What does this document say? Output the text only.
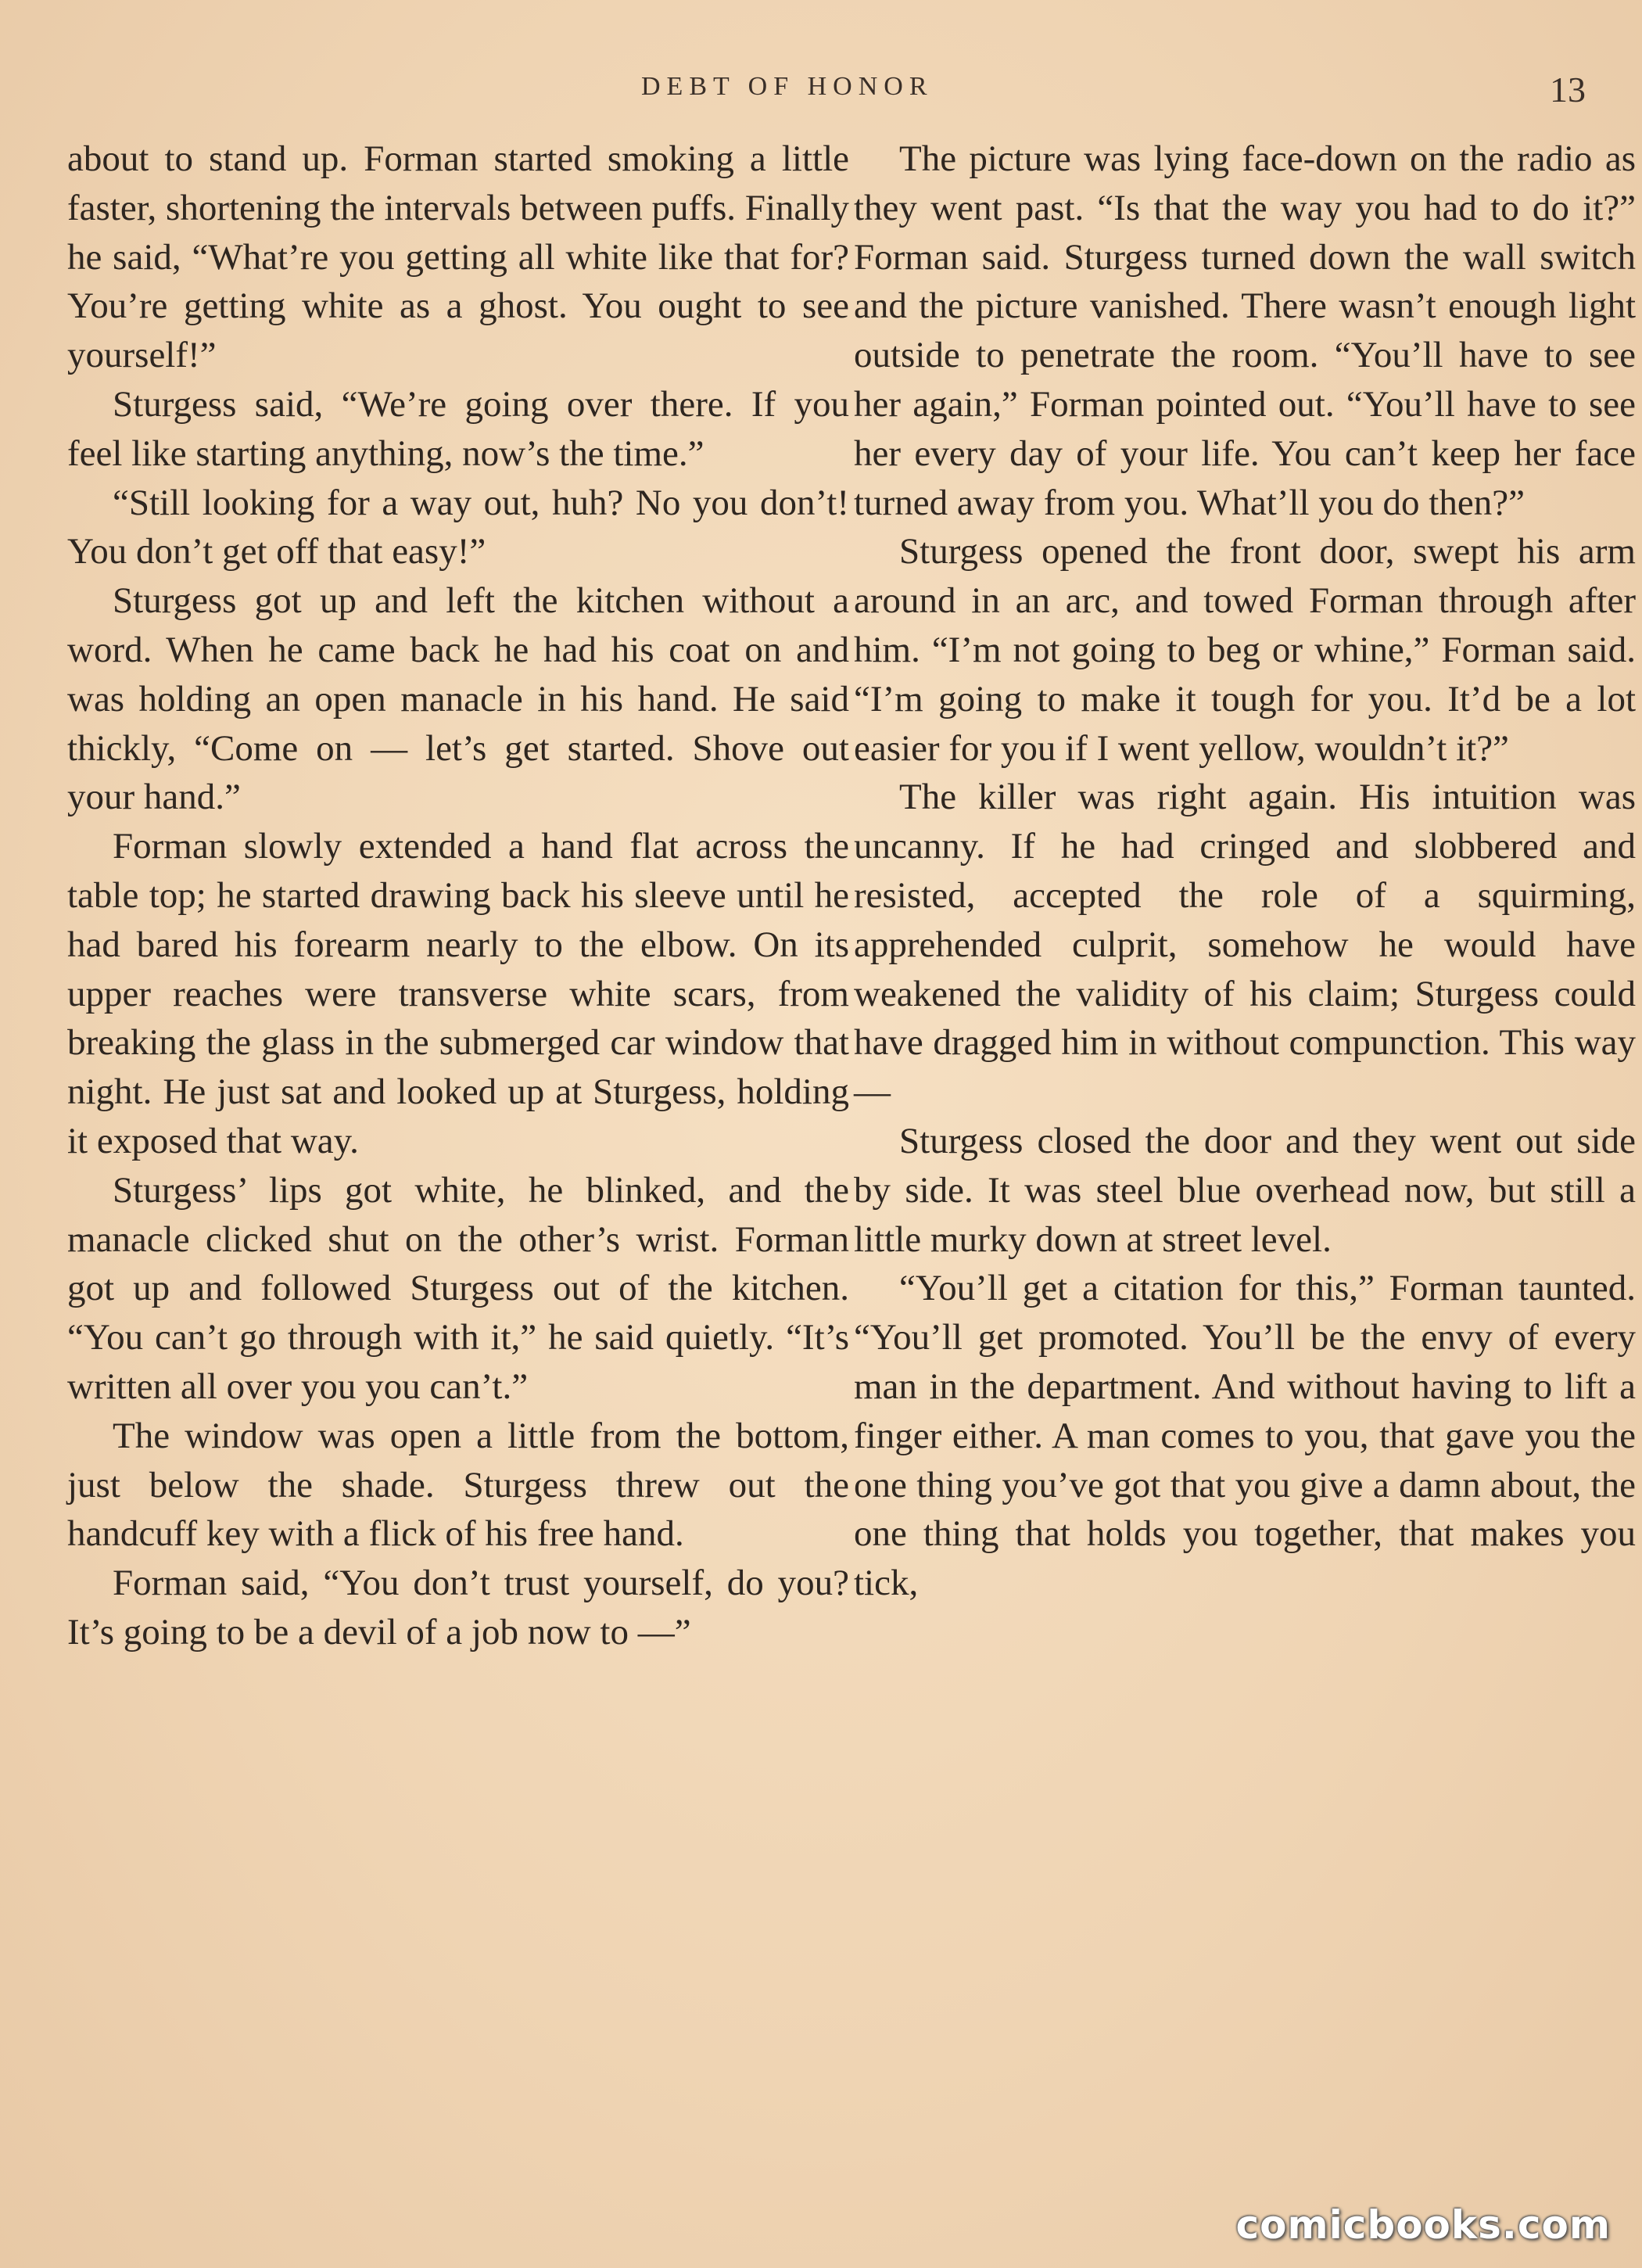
DEBT OF HONOR	13

about to stand up. Forman started smoking a little faster, shortening the intervals between puffs. Finally he said, “What’re you getting all white like that for? You’re getting white as a ghost. You ought to see yourself!”

Sturgess said, “We’re going over there. If you feel like starting anything, now’s the time.”

“Still looking for a way out, huh? No you don’t! You don’t get off that easy!”

Sturgess got up and left the kitchen without a word. When he came back he had his coat on and was holding an open manacle in his hand. He said thickly, “Come on — let’s get started. Shove out your hand.”

Forman slowly extended a hand flat across the table top; he started drawing back his sleeve until he had bared his forearm nearly to the elbow. On its upper reaches were transverse white scars, from breaking the glass in the submerged car window that night. He just sat and looked up at Sturgess, holding it exposed that way.

Sturgess’ lips got white, he blinked, and the manacle clicked shut on the other’s wrist. Forman got up and followed Sturgess out of the kitchen. “You can’t go through with it,” he said quietly. “It’s written all over you you can’t.”

The window was open a little from the bottom, just below the shade. Sturgess threw out the handcuff key with a flick of his free hand.

Forman said, “You don’t trust yourself, do you? It’s going to be a devil of a job now to —”

The picture was lying face-down on the radio as they went past. “Is that the way you had to do it?” Forman said. Sturgess turned down the wall switch and the picture vanished. There wasn’t enough light outside to penetrate the room. “You’ll have to see her again,” Forman pointed out. “You’ll have to see her every day of your life. You can’t keep her face turned away from you. What’ll you do then?”

Sturgess opened the front door, swept his arm around in an arc, and towed Forman through after him. “I’m not going to beg or whine,” Forman said. “I’m going to make it tough for you. It’d be a lot easier for you if I went yellow, wouldn’t it?”

The killer was right again. His intuition was uncanny. If he had cringed and slobbered and resisted, accepted the role of a squirming, apprehended culprit, somehow he would have weakened the validity of his claim; Sturgess could have dragged him in without compunction. This way —

Sturgess closed the door and they went out side by side. It was steel blue overhead now, but still a little murky down at street level.

“You’ll get a citation for this,” Forman taunted. “You’ll get promoted. You’ll be the envy of every man in the department. And without having to lift a finger either. A man comes to you, that gave you the one thing you’ve got that you give a damn about, the one thing that holds you together, that makes you tick,

comicbooks.com
